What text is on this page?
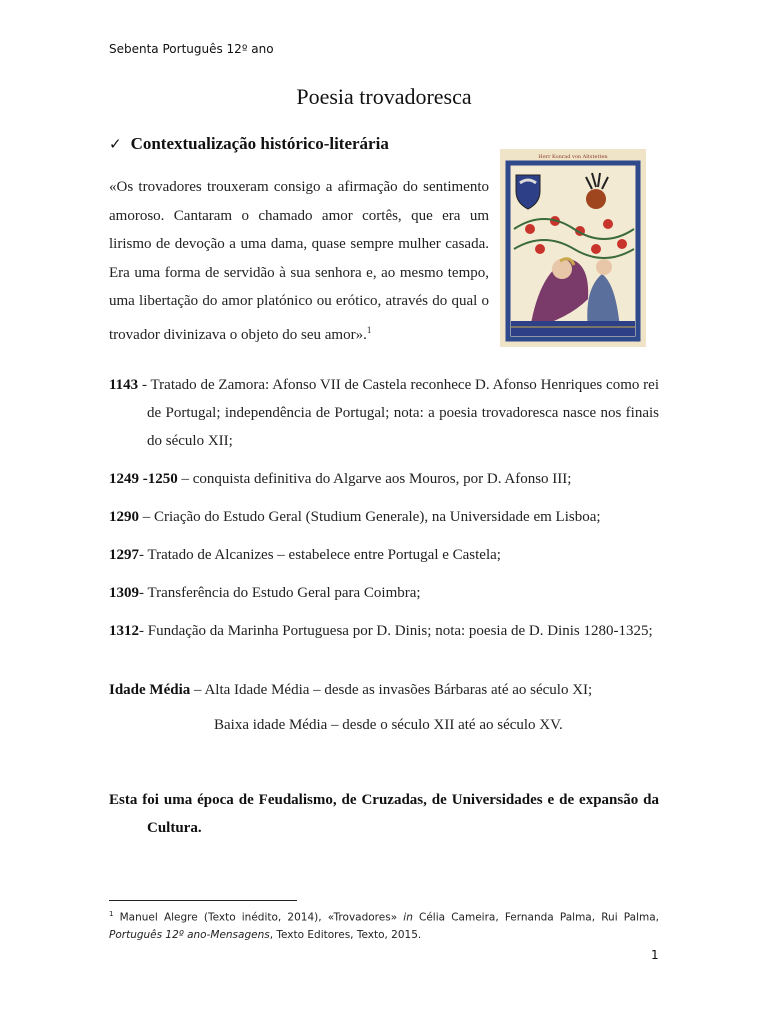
Sebenta Português 12º ano
Poesia trovadoresca
✓ Contextualização histórico-literária
«Os trovadores trouxeram consigo a afirmação do sentimento amoroso. Cantaram o chamado amor cortês, que era um lirismo de devoção a uma dama, quase sempre mulher casada. Era uma forma de servidão à sua senhora e, ao mesmo tempo, uma libertação do amor platónico ou erótico, através do qual o trovador divinizava o objeto do seu amor».$^1$
Herr Konrad von Altstetten
1143 - Tratado de Zamora: Afonso VII de Castela reconhece D. Afonso Henriques como rei de Portugal; independência de Portugal; nota: a poesia trovadoresca nasce nos finais do século XII;
1249 -1250 – conquista definitiva do Algarve aos Mouros, por D. Afonso III;
1290 – Criação do Estudo Geral (Studium Generale), na Universidade em Lisboa;
1297- Tratado de Alcanizes – estabelece entre Portugal e Castela;
1309- Transferência do Estudo Geral para Coimbra;
1312- Fundação da Marinha Portuguesa por D. Dinis; nota: poesia de D. Dinis 1280-1325;
Idade Média – Alta Idade Média – desde as invasões Bárbaras até ao século XI;
Baixa idade Média – desde o século XII até ao século XV.
Esta foi uma época de Feudalismo, de Cruzadas, de Universidades e de expansão da Cultura.
$^1$ Manuel Alegre (Texto inédito, 2014), «Trovadores» in Célia Cameira, Fernanda Palma, Rui Palma, Português 12º ano-Mensagens, Texto Editores, Texto, 2015.
1
